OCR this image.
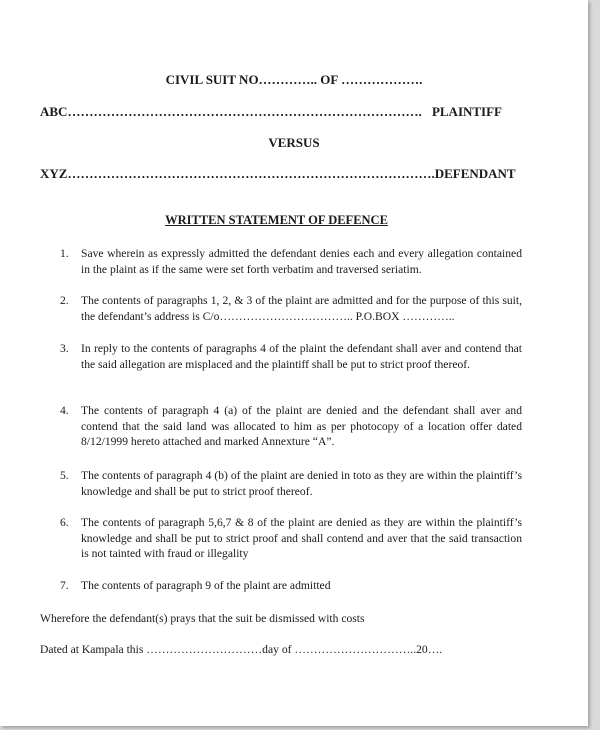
CIVIL SUIT NO………….. OF ……………….
ABC………………………………………………………………………. PLAINTIFF
VERSUS
XYZ…………………………………………………………………………. DEFENDANT
WRITTEN STATEMENT OF DEFENCE
1. Save wherein as expressly admitted the defendant denies each and every allegation contained in the plaint as if the same were set forth verbatim and traversed seriatim.
2. The contents of paragraphs 1, 2, & 3 of the plaint are admitted and for the purpose of this suit, the defendant’s address is C/o…………………………….. P.O.BOX …………..
3. In reply to the contents of paragraphs 4 of the plaint the defendant shall aver and contend that the said allegation are misplaced and the plaintiff shall be put to strict proof thereof.
4. The contents of paragraph 4 (a) of the plaint are denied and the defendant shall aver and contend that the said land was allocated to him as per photocopy of a location offer dated 8/12/1999 hereto attached and marked Annexture “A”.
5. The contents of paragraph 4 (b) of the plaint are denied in toto as they are within the plaintiff’s knowledge and shall be put to strict proof thereof.
6. The contents of paragraph 5,6,7 & 8 of the plaint are denied as they are within the plaintiff’s knowledge and shall be put to strict proof and shall contend and aver that the said transaction is not tainted with fraud or illegality
7. The contents of paragraph 9 of the plaint are admitted
Wherefore the defendant(s) prays that the suit be dismissed with costs
Dated at Kampala this …………………………day of …………………………..20….
